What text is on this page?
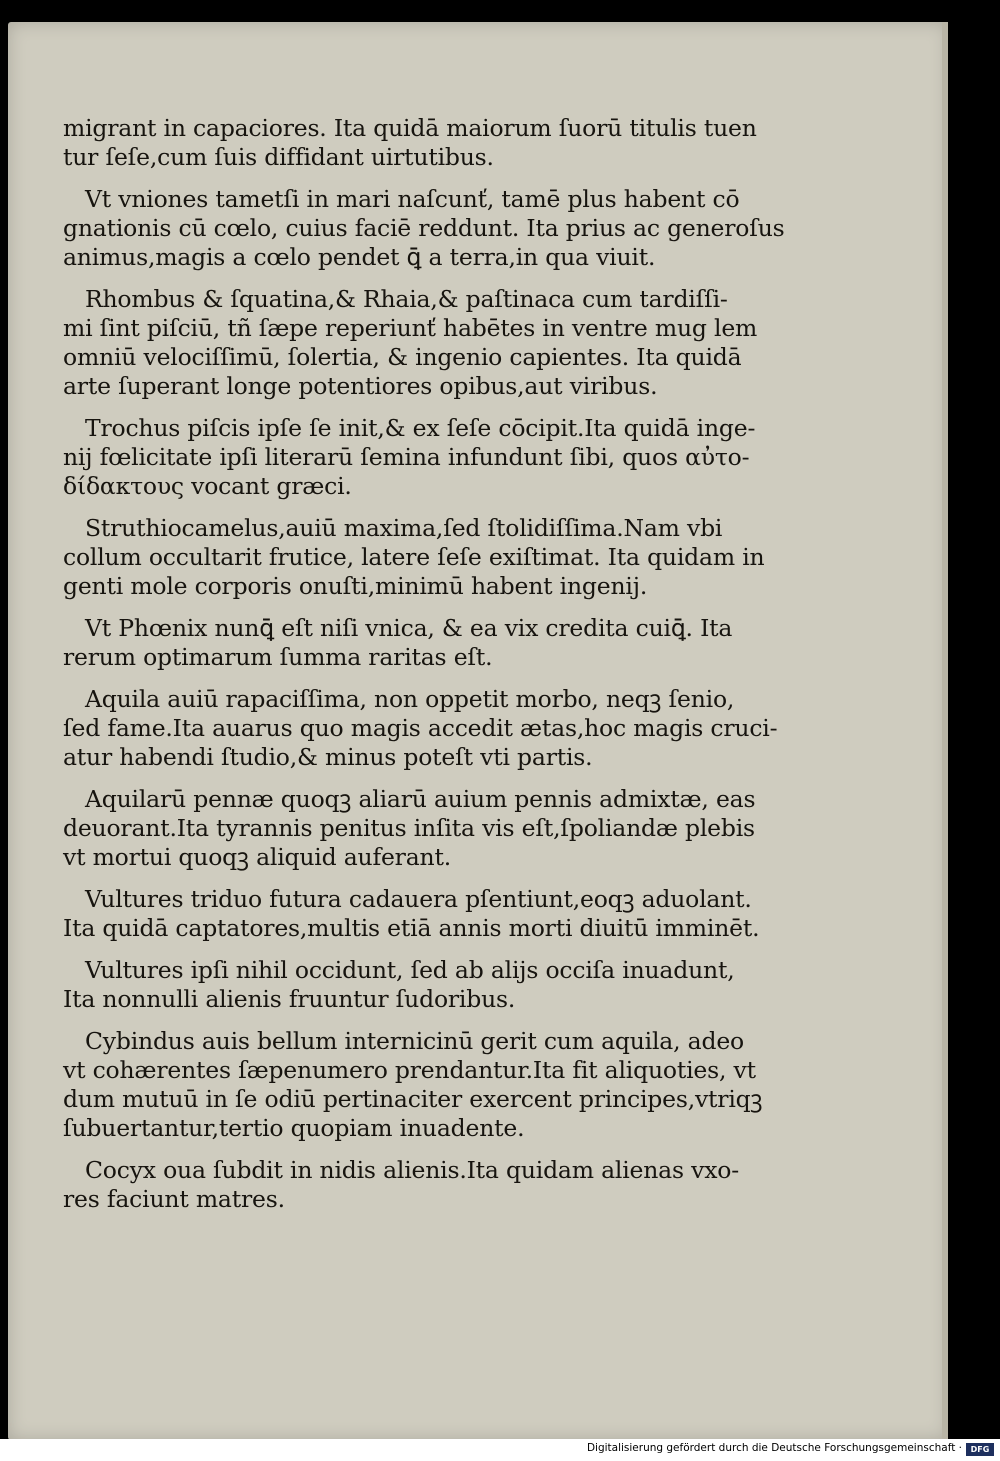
migrant in capaciores. Ita quidā maiorum ſuorū titulis tuen
tur ſeſe,cum ſuis diffidant uirtutibus.
Vt vniones tametſi in mari naſcunť, tamē plus habent cō
gnationis cū cœlo, cuius faciē reddunt. Ita prius ac generoſus
animus,magis a cœlo pendet ꝗ̄ a terra,in qua viuit.
Rhombus & ſquatina,& Rhaia,& paſtinaca cum tardiſſi-
mi ſint piſciū, tñ ſæpe reperiunť habētes in ventre mug lem
omniū velociſſimū, ſolertia, & ingenio capientes. Ita quidā
arte ſuperant longe potentiores opibus,aut viribus.
Trochus piſcis ipſe ſe init,& ex ſeſe cōcipit.Ita quidā inge-
nij fœlicitate ipſi literarū ſemina infundunt ſibi, quos αὐτο-
δίδακτους vocant græci.
Struthiocamelus,auiū maxima,ſed ſtolidiſſima.Nam vbi
collum occultarit frutice, latere ſeſe exiſtimat. Ita quidam in
genti mole corporis onuſti,minimū habent ingenij.
Vt Phœnix nunꝗ̄ eſt niſi vnica, & ea vix credita cuiꝗ̄. Ita
rerum optimarum ſumma raritas eſt.
Aquila auiū rapaciſſima, non oppetit morbo, neqꝫ ſenio,
ſed fame.Ita auarus quo magis accedit ætas,hoc magis cruci-
atur habendi ſtudio,& minus poteſt vti partis.
Aquilarū pennæ quoqꝫ aliarū auium pennis admixtæ, eas
deuorant.Ita tyrannis penitus inſita vis eſt,ſpoliandæ plebis
vt mortui quoqꝫ aliquid auferant.
Vultures triduo futura cadauera pſentiunt,eoqꝫ aduolant.
Ita quidā captatores,multis etiā annis morti diuitū imminēt.
Vultures ipſi nihil occidunt, ſed ab alijs occiſa inuadunt,
Ita nonnulli alienis fruuntur ſudoribus.
Cybindus auis bellum internicinū gerit cum aquila, adeo
vt cohærentes ſæpenumero prendantur.Ita fit aliquoties, vt
dum mutuū in ſe odiū pertinaciter exercent principes,vtriqꝫ
ſubuertantur,tertio quopiam inuadente.
Cocyx oua ſubdit in nidis alienis.Ita quidam alienas vxo-
res faciunt matres.
Digitalisierung gefördert durch die Deutsche Forschungsgemeinschaft ·	DFG
